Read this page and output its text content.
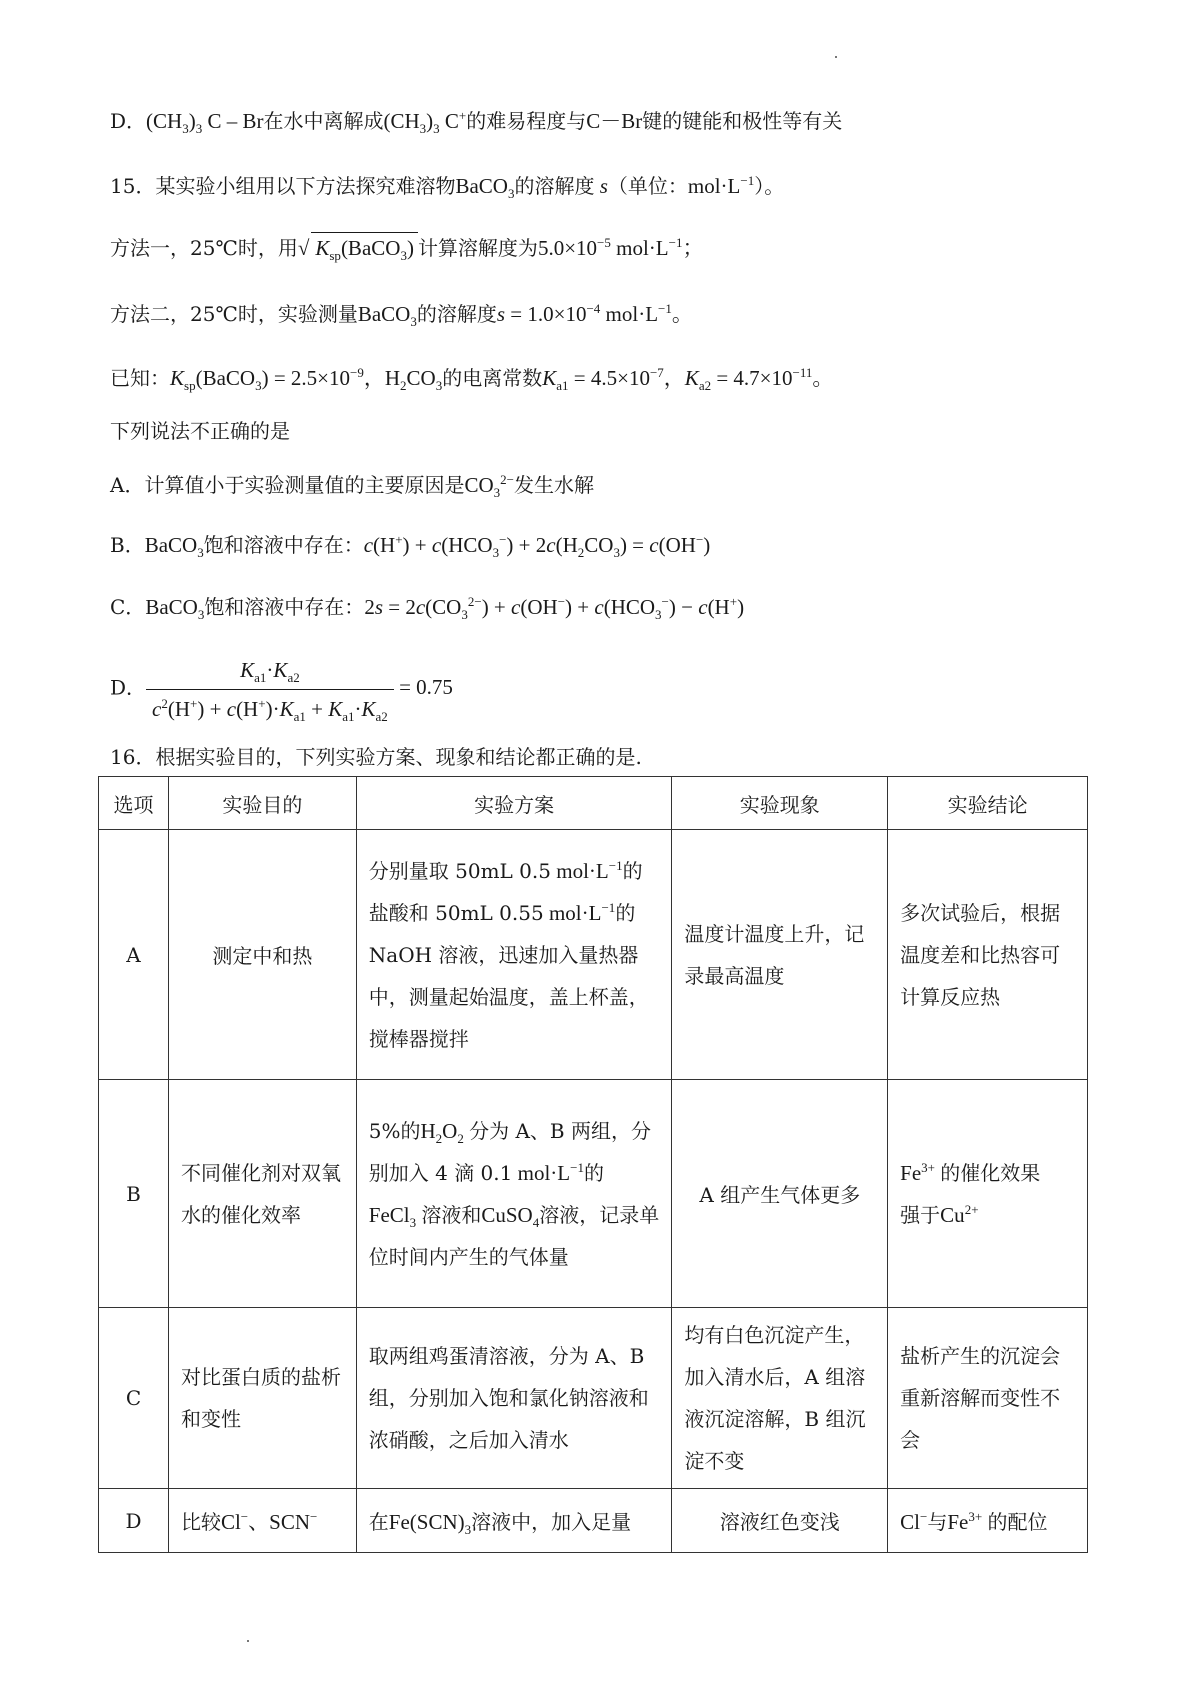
D．$(CH_3)_3$ C – Br在水中离解成$(CH_3)_3$ C+的难易程度与C－Br键的键能和极性等有关
15．某实验小组用以下方法探究难溶物BaCO$_3$的溶解度 s（单位：$mol\cdot L^{-1}$）。
方法一，25℃时，用√ $K_{sp}(BaCO_3)$ 计算溶解度为$5.0\times 10^{-5}$ $mol\cdot L^{-1}$；
方法二，25℃时，实验测量BaCO$_3$的溶解度$s = 1.0\times 10^{-4}$ $mol\cdot L^{-1}$。
已知：$K_{sp}(BaCO_3) = 2.5\times 10^{-9}$，$H_2CO_3$的电离常数$K_{a1} = 4.5\times 10^{-7}$，$K_{a2} = 4.7\times 10^{-11}$。
下列说法不正确的是
A．计算值小于实验测量值的主要原因是$CO_3^{2-}$发生水解
B．BaCO$_3$饱和溶液中存在：$c(H^+) + c(HCO_3^-) + 2c(H_2CO_3) = c(OH^-)$
C．BaCO$_3$饱和溶液中存在：$2s = 2c(CO_3^{2-}) + c(OH^-) + c(HCO_3^-) - c(H^+)$
D． $\frac{K_{a1}\cdot K_{a2}}{c^2(H^+) + c(H^+)\cdot K_{a1} + K_{a1}\cdot K_{a2}} = 0.75$
16．根据实验目的，下列实验方案、现象和结论都正确的是.
选项	实验目的	实验方案	实验现象	实验结论
A	测定中和热	分别量取 50mL 0.5 $mol\cdot L^{-1}$的
盐酸和 50mL 0.55 $mol\cdot L^{-1}$的
NaOH 溶液，迅速加入量热器中，测量起始温度，盖上杯盖，搅棒器搅拌	温度计温度上升，记录最高温度	多次试验后，根据温度差和比热容可计算反应热
B	不同催化剂对双氧水的催化效率	5%的$H_2O_2$ 分为 A、B 两组，分别加入 4 滴 0.1 $mol\cdot L^{-1}$的
FeCl$_3$ 溶液和CuSO$_4$溶液，记录单位时间内产生的气体量	A 组产生气体更多	$Fe^{3+}$ 的催化效果
强于$Cu^{2+}$
C	对比蛋白质的盐析和变性	取两组鸡蛋清溶液，分为 A、B 组，分别加入饱和氯化钠溶液和浓硝酸，之后加入清水	均有白色沉淀产生，加入清水后，A 组溶液沉淀溶解，B 组沉淀不变	盐析产生的沉淀会重新溶解而变性不会
D	比较Cl−、SCN−	在$Fe(SCN)_3$溶液中，加入足量	溶液红色变浅	Cl−与$Fe^{3+}$ 的配位
